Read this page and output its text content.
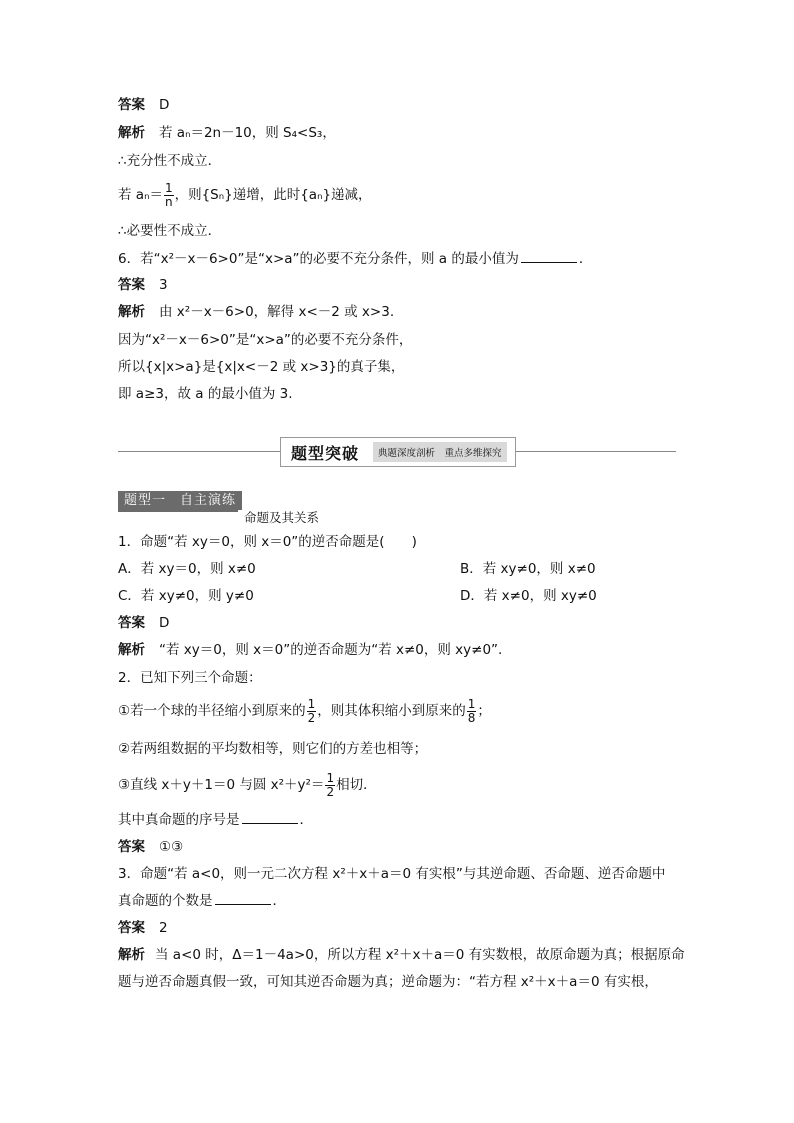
答案 D
解析 若 aₙ＝2n－10，则 S₄<S₃，
∴充分性不成立．
若 $a_n= \frac{1}{n}$ ，则{Sₙ}递增，此时{aₙ}递减，
∴必要性不成立．
6．若“x²－x－6>0”是“x>a”的必要不充分条件，则 a 的最小值为	．
答案 3
解析 由 x²－x－6>0，解得 x<－2 或 x>3.
因为“x²－x－6>0”是“x>a”的必要不充分条件，
所以{x|x>a}是{x|x<－2 或 x>3}的真子集，
即 a≥3，故 a 的最小值为 3.
题型突破	典题深度剖析　重点多维探究
题型一　自主演练
命题及其关系
1．命题“若 xy＝0，则 x＝0”的逆否命题是(　　)
A．若 xy＝0，则 x≠0	B．若 xy≠0，则 x≠0
C．若 xy≠0，则 y≠0	D．若 x≠0，则 xy≠0
答案 D
解析 “若 xy＝0，则 x＝0”的逆否命题为“若 x≠0，则 xy≠0”.
2．已知下列三个命题：
①若一个球的半径缩小到原来的 $\frac{1}{2}$ ，则其体积缩小到原来的 $\frac{1}{8}$ ；
②若两组数据的平均数相等，则它们的方差也相等；
③直线 x＋y＋1＝0 与圆 $x^2+y^2= \frac{1}{2}$ 相切．
其中真命题的序号是	．
答案 ①③
3．命题“若 a<0，则一元二次方程 x²＋x＋a＝0 有实根”与其逆命题、否命题、逆否命题中
真命题的个数是	．
答案 2
解析 当 a<0 时，Δ＝1－4a>0，所以方程 x²＋x＋a＝0 有实数根，故原命题为真；根据原命
题与逆否命题真假一致，可知其逆否命题为真；逆命题为：“若方程 x²＋x＋a＝0 有实根，
